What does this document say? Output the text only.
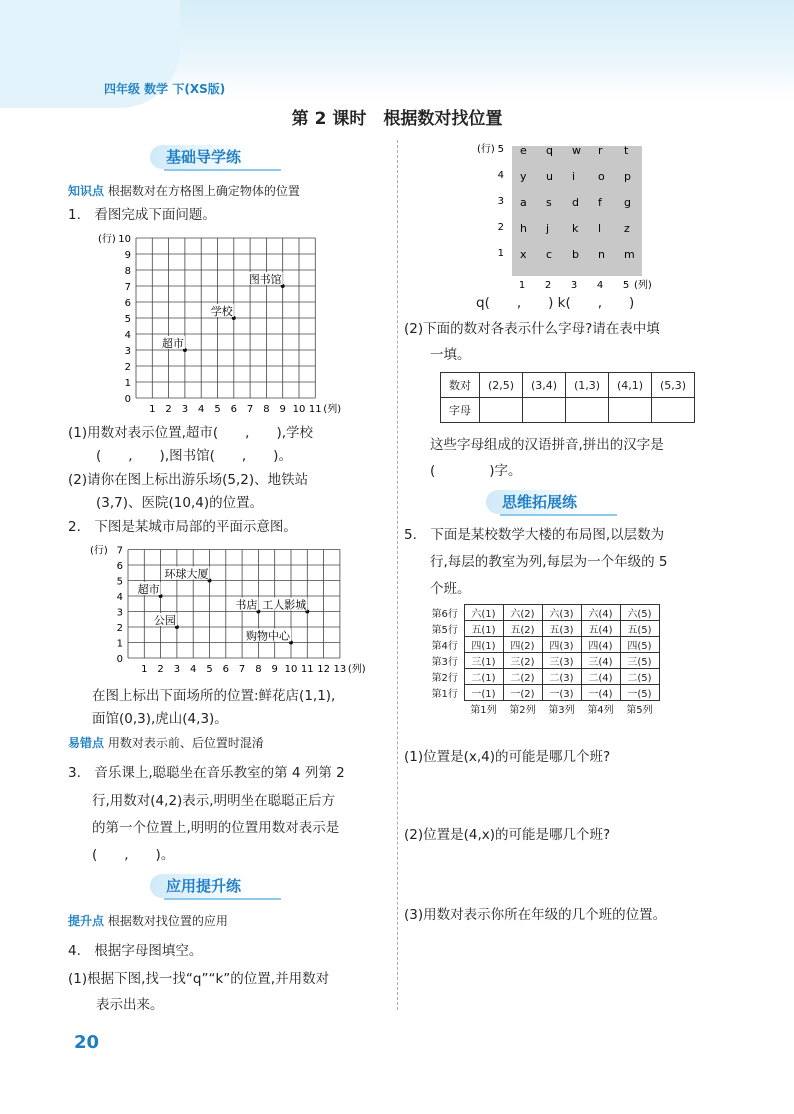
四年级 数学 下(XS版)
第 2 课时　根据数对找位置
基础导学练
知识点 根据数对在方格图上确定物体的位置
1.　看图完成下面问题。
(行) 10
9
8
7
6
5
4
3
2
1
0
1 2 3 4 5 6 7 8 9 10 11 (列)
超市
学校
图书馆
(1)用数对表示位置,超市(　　,　　),学校
(　　,　　),图书馆(　　,　　)。
(2)请你在图上标出游乐场(5,2)、地铁站
(3,7)、医院(10,4)的位置。
2.　下图是某城市局部的平面示意图。
(行) 7
6
5
4
3
2
1
0
1 2 3 4 5 6 7 8 9 10 11 12 13 (列)
环球大厦
超市
公园
书店 工人影城
购物中心
在图上标出下面场所的位置:鲜花店(1,1),
面馆(0,3),虎山(4,3)。
易错点 用数对表示前、后位置时混淆
3.　音乐课上,聪聪坐在音乐教室的第 4 列第 2
行,用数对(4,2)表示,明明坐在聪聪正后方
的第一个位置上,明明的位置用数对表示是
(　　,　　)。
应用提升练
提升点 根据数对找位置的应用
4.　根据字母图填空。
(1)根据下图,找一找“q”“k”的位置,并用数对
表示出来。
20
5 e q w r t
4 y u i o p
3 a s d f g
2 h j k l z
1 x c b n m
(行)
1 2 3 4 5 (列)
q(　　,　　) k(　　,　　)
(2)下面的数对各表示什么字母?请在表中填
一填。
数对	(2,5)	(3,4)	(1,3)	(4,1)	(5,3)
字母					
这些字母组成的汉语拼音,拼出的汉字是
(　　　　)字。
思维拓展练
5.　下面是某校数学大楼的布局图,以层数为
行,每层的教室为列,每层为一个年级的 5
个班。
第6行	六(1)	六(2)	六(3)	六(4)	六(5)
第5行	五(1)	五(2)	五(3)	五(4)	五(5)
第4行	四(1)	四(2)	四(3)	四(4)	四(5)
第3行	三(1)	三(2)	三(3)	三(4)	三(5)
第2行	二(1)	二(2)	二(3)	二(4)	二(5)
第1行	一(1)	一(2)	一(3)	一(4)	一(5)
	第1列	第2列	第3列	第4列	第5列
(1)位置是(x,4)的可能是哪几个班?
(2)位置是(4,x)的可能是哪几个班?
(3)用数对表示你所在年级的几个班的位置。
